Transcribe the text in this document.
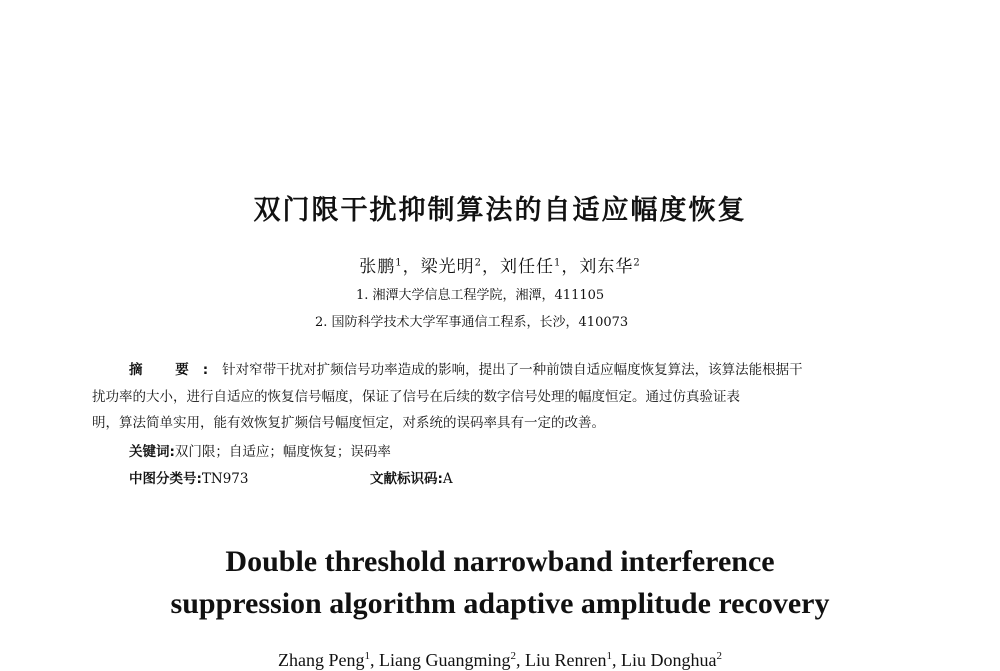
双门限干扰抑制算法的自适应幅度恢复
张鹏$^1$，梁光明$^2$，刘任任$^1$，刘东华$^2$
1. 湘潭大学信息工程学院，湘潭，411105
2. 国防科学技术大学军事通信工程系，长沙，410073
摘 要:针对窄带干扰对扩频信号功率造成的影响，提出了一种前馈自适应幅度恢复算法，该算法能根据干
扰功率的大小，进行自适应的恢复信号幅度，保证了信号在后续的数字信号处理的幅度恒定。通过仿真验证表
明，算法简单实用，能有效恢复扩频信号幅度恒定，对系统的误码率具有一定的改善。
关键词:双门限；自适应；幅度恢复；误码率
中图分类号:TN973	文献标识码:A
Double threshold narrowband interference
suppression algorithm adaptive amplitude recovery
Zhang Peng$^1$, Liang Guangming$^2$, Liu Renren$^1$, Liu Donghua$^2$
